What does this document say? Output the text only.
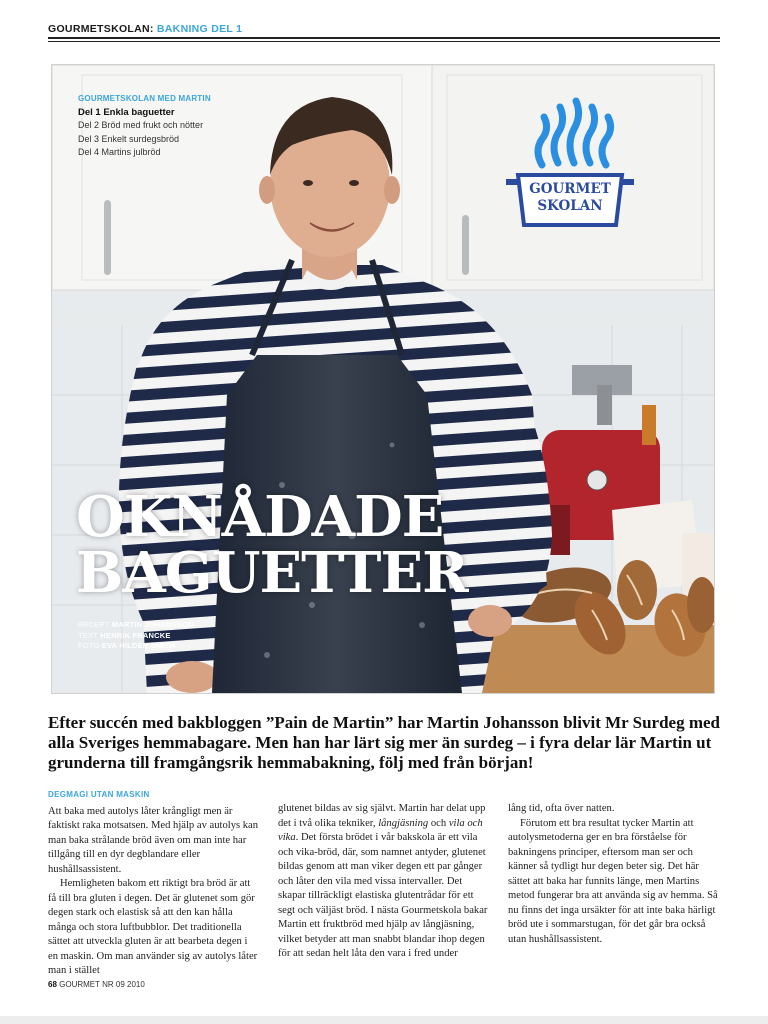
GOURMETSKOLAN: BAKNING DEL 1
GOURMETSKOLAN MED MARTIN
Del 1 Enkla baguetter
Del 2 Bröd med frukt och nötter
Del 3 Enkelt surdegsbröd
Del 4 Martins julbröd
GOURMET
SKOLAN
OKNÅDADE
BAGUETTER
RECEPT MARTIN JOHANSSON
TEXT HENRIK FRANCKE
FOTO EVA HILDÉN SMITH
Efter succén med bakbloggen ”Pain de Martin” har Martin Johansson blivit Mr Surdeg med alla Sveriges hemmabagare. Men han har lärt sig mer än surdeg – i fyra delar lär Martin ut grunderna till framgångsrik hemmabakning, följ med från början!
DEGMAGI UTAN MASKIN

Att baka med autolys låter krångligt men är faktiskt raka motsatsen. Med hjälp av autolys kan man baka strålande bröd även om man inte har tillgång till en dyr degblandare eller hushållsassistent.

Hemligheten bakom ett riktigt bra bröd är att få till bra gluten i degen. Det är glutenet som gör degen stark och elastisk så att den kan hålla många och stora luftbubblor. Det traditionella sättet att utveckla gluten är att bearbeta degen i en maskin. Om man använder sig av autolys låter man i stället

glutenet bildas av sig självt. Martin har delat upp det i två olika tekniker, långjäsning och vila och vika. Det första brödet i vår bakskola är ett vila och vika-bröd, där, som namnet antyder, glutenet bildas genom att man viker degen ett par gånger och låter den vila med vissa intervaller. Det skapar tillräckligt elastiska glutentrådar för ett segt och väljäst bröd. I nästa Gourmetskola bakar Martin ett fruktbröd med hjälp av långjäsning, vilket betyder att man snabbt blandar ihop degen för att sedan helt låta den vara i fred under

lång tid, ofta över natten.

Förutom ett bra resultat tycker Martin att autolysmetoderna ger en bra förståelse för bakningens principer, eftersom man ser och känner så tydligt hur degen beter sig. Det här sättet att baka har funnits länge, men Martins metod fungerar bra att använda sig av hemma. Så nu finns det inga ursäkter för att inte baka härligt bröd ute i sommarstugan, för det går bra också utan hushållsassistent.

68 GOURMET NR 09 2010
